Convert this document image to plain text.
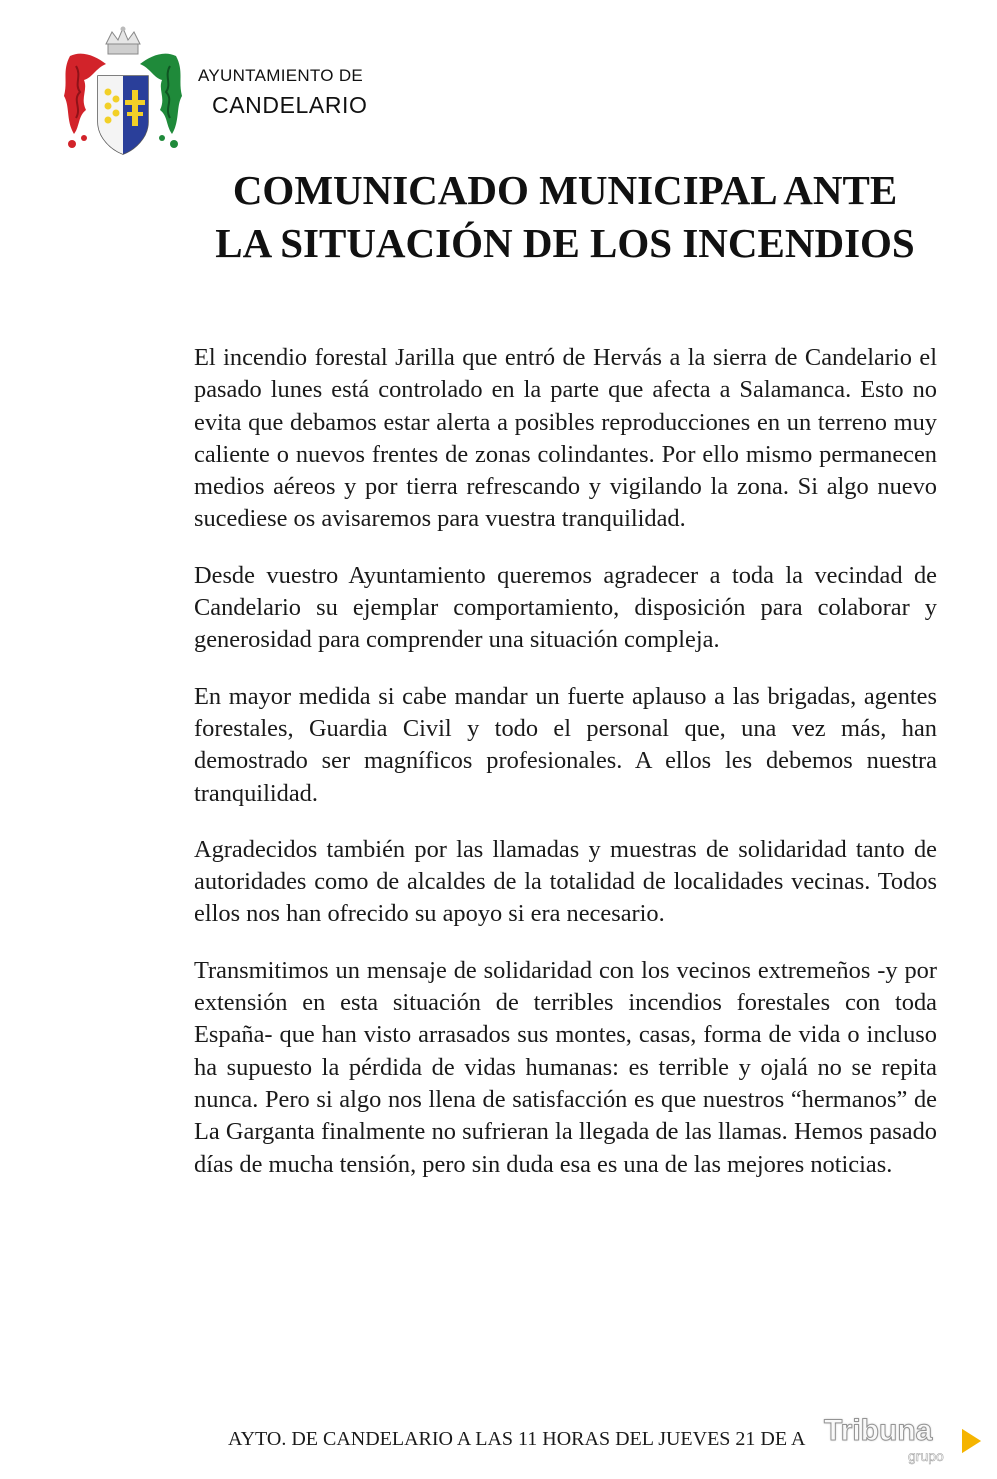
AYUNTAMIENTO DE
CANDELARIO
COMUNICADO MUNICIPAL ANTE
LA SITUACIÓN DE LOS INCENDIOS

El incendio forestal Jarilla que entró de Hervás a la sierra de Candelario el pasado lunes está controlado en la parte que afecta a Salamanca. Esto no evita que debamos estar alerta a posibles reproducciones en un terreno muy caliente o nuevos frentes de zonas colindantes. Por ello mismo permanecen medios aéreos y por tierra refrescando y vigilando la zona. Si algo nuevo sucediese os avisaremos para vuestra tranquilidad.

Desde vuestro Ayuntamiento queremos agradecer a toda la vecindad de Candelario su ejemplar comportamiento, disposición para colaborar y generosidad para comprender una situación compleja.

En mayor medida si cabe mandar un fuerte aplauso a las brigadas, agentes forestales, Guardia Civil y todo el personal que, una vez más, han demostrado ser magníficos profesionales. A ellos les debemos nuestra tranquilidad.

Agradecidos también por las llamadas y muestras de solidaridad tanto de autoridades como de alcaldes de la totalidad de localidades vecinas. Todos ellos nos han ofrecido su apoyo si era necesario.

Transmitimos un mensaje de solidaridad con los vecinos extremeños -y por extensión en esta situación de terribles incendios forestales con toda España- que han visto arrasados sus montes, casas, forma de vida o incluso ha supuesto la pérdida de vidas humanas: es terrible y ojalá no se repita nunca. Pero si algo nos llena de satisfacción es que nuestros “hermanos” de La Garganta finalmente no sufrieran la llegada de las llamas. Hemos pasado días de mucha tensión, pero sin duda esa es una de las mejores noticias.

AYTO. DE CANDELARIO A LAS 11 HORAS DEL JUEVES 21 DE A Tribuna
grupo
